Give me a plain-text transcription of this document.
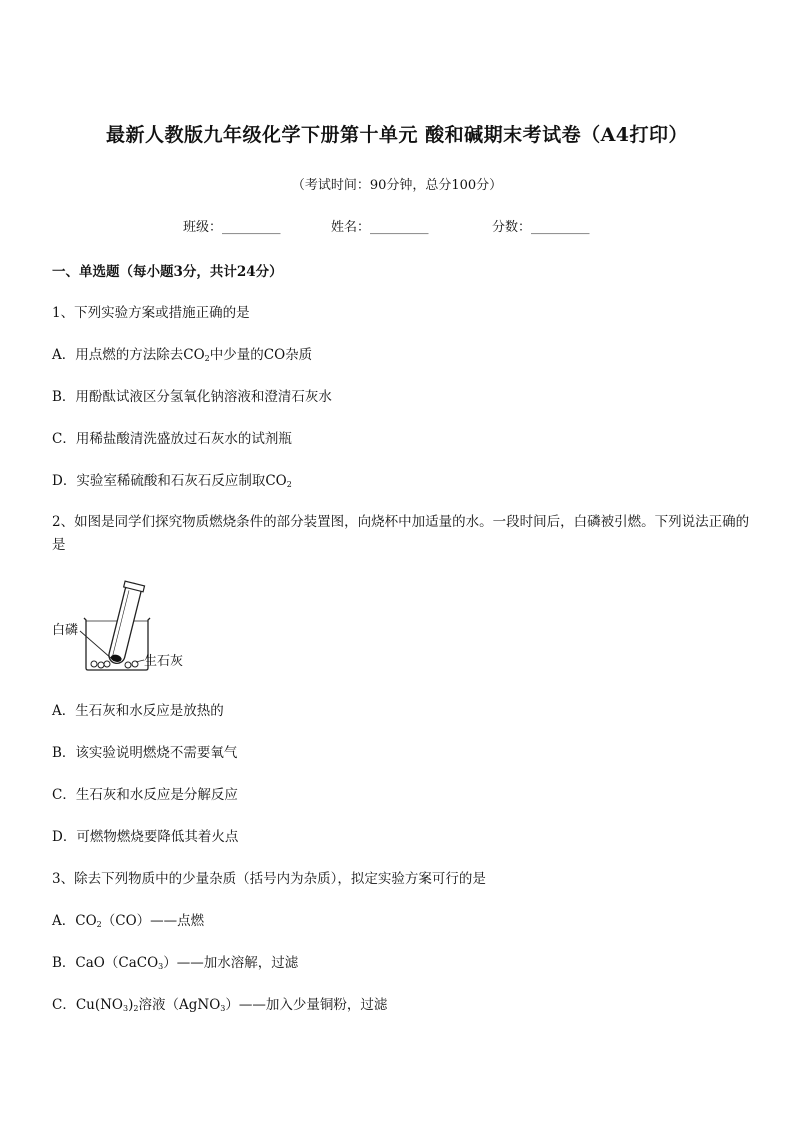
最新人教版九年级化学下册第十单元 酸和碱期末考试卷（A4打印）
（考试时间：90分钟，总分100分）
班级：_________	姓名：_________	分数：_________
一、单选题（每小题3分，共计24分）
1、下列实验方案或措施正确的是
A．用点燃的方法除去$CO_2$中少量的CO杂质
B．用酚酞试液区分氢氧化钠溶液和澄清石灰水
C．用稀盐酸清洗盛放过石灰水的试剂瓶
D．实验室稀硫酸和石灰石反应制取$CO_2$
2、如图是同学们探究物质燃烧条件的部分装置图，向烧杯中加适量的水。一段时间后，白磷被引燃。下列说法正确的是
白磷
生石灰
A．生石灰和水反应是放热的
B．该实验说明燃烧不需要氧气
C．生石灰和水反应是分解反应
D．可燃物燃烧要降低其着火点
3、除去下列物质中的少量杂质（括号内为杂质），拟定实验方案可行的是
A．$CO_2(CO)——$点燃
B．CaO（CaCO$_3$）——加水溶解，过滤
C．$Cu(NO_3)_2$溶液（AgNO$_3$）——加入少量铜粉，过滤
